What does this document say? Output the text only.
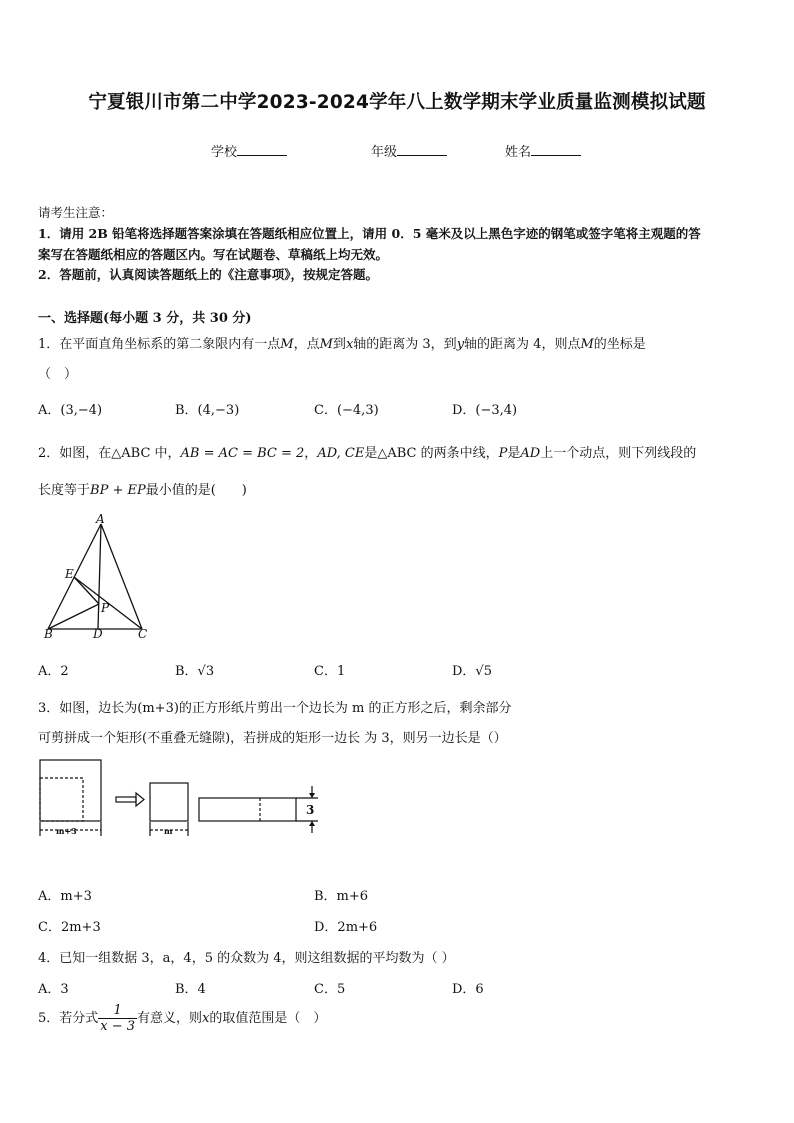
宁夏银川市第二中学2023-2024学年八上数学期末学业质量监测模拟试题
学校	年级	姓名
请考生注意：
1．请用 2B 铅笔将选择题答案涂填在答题纸相应位置上，请用 0．5 毫米及以上黑色字迹的钢笔或签字笔将主观题的答
案写在答题纸相应的答题区内。写在试题卷、草稿纸上均无效。
2．答题前，认真阅读答题纸上的《注意事项》，按规定答题。
一、选择题(每小题 3 分，共 30 分)
1．在平面直角坐标系的第二象限内有一点M，点M到x轴的距离为 3，到y轴的距离为 4，则点M的坐标是
（　）
A．(3,−4)	B．(4,−3)	C．(−4,3)	D．(−3,4)
2．如图，在△ABC 中，AB = AC = BC = 2，AD, CE是△ABC 的两条中线，P是AD上一个动点，则下列线段的
长度等于BP + EP最小值的是(　　)
A
E
P
B	D	C
A．2	B．√3	C．1	D．√5
3．如图，边长为(m+3)的正方形纸片剪出一个边长为 m 的正方形之后，剩余部分
可剪拼成一个矩形(不重叠无缝隙)，若拼成的矩形一边长 为 3，则另一边长是（）
m+3	m
3
A．m+3	B．m+6
C．2m+3	D．2m+6
4．已知一组数据 3，a，4，5 的众数为 4，则这组数据的平均数为（ ）
A．3	B．4	C．5	D．6
5．若分式 $\frac{1}{x - 3}$ 有意义，则x的取值范围是（　）
